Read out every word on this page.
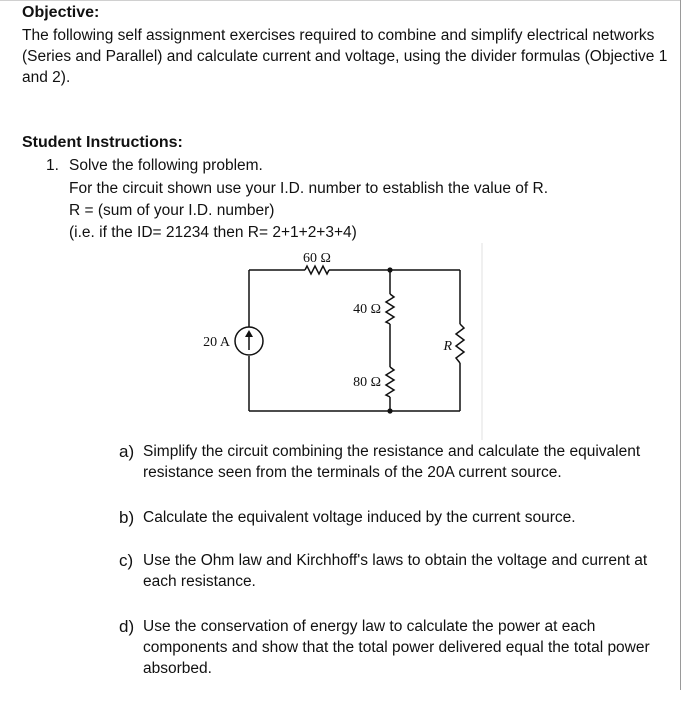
Objective:
The following self assignment exercises required to combine and simplify electrical networks (Series and Parallel) and calculate current and voltage, using the divider formulas (Objective 1 and 2).
Student Instructions:
1. Solve the following problem.
For the circuit shown use your I.D. number to establish the value of R.
R = (sum of your I.D. number)
(i.e. if the ID= 21234 then R= 2+1+2+3+4)
60 Ω
40 Ω
80 Ω
R
20 A
a) Simplify the circuit combining the resistance and calculate the equivalent resistance seen from the terminals of the 20A current source.
b) Calculate the equivalent voltage induced by the current source.
c) Use the Ohm law and Kirchhoff's laws to obtain the voltage and current at each resistance.
d) Use the conservation of energy law to calculate the power at each components and show that the total power delivered equal the total power absorbed.
